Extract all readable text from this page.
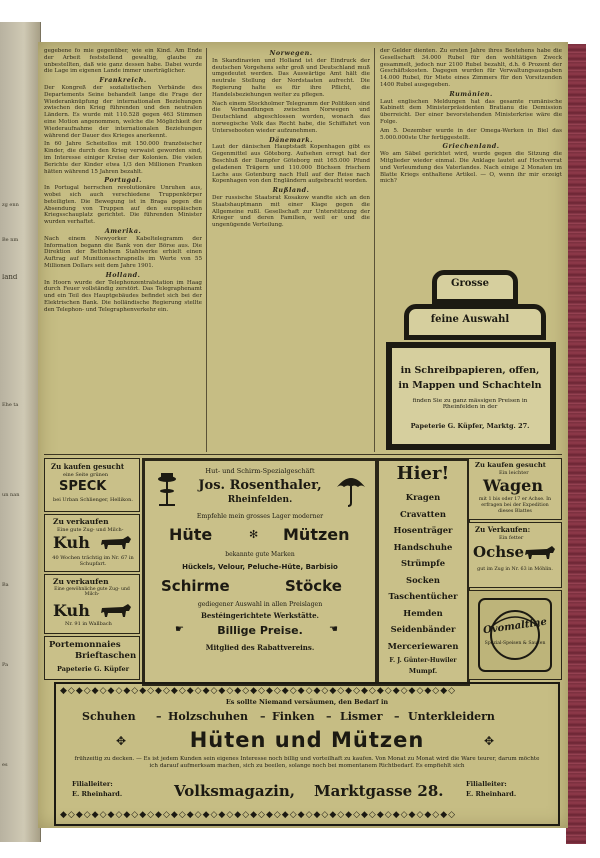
zg enn
Be nm
land
Ehe ta
un nan
Ba
Pa
es

gegebene fo mie gegenüber, wie ein Kind. Am Ende der Arbeit feststellend gewaltig, glaube zu unbestellten, daß wie ganz dessen habe. Dabei wurde die Lage im eigenen Lande immer unerträglicher.

Frankreich.

Der Kongreß der sozialistischen Verbände des Departements Seine behandelt lange die Frage der Wiederanknüpfung der internationalen Beziehungen zwischen den Krieg führenden und den neutralen Ländern. Es wurde mit 110.528 gegen 463 Stimmen eine Motion angenommen, welche die Möglichkeit der Wiederaufnahme der internationalen Beziehungen während der Dauer des Krieges anerkennt.

In 60 Jahre Scheitellos mit 150.000 französischer Kinder, die durch den Krieg verwaist geworden sind, im Interesse einiger Kreise der Kolonien. Die vielen Berichte der Kinder etwa 1/3 den Millionen Franken hätten während 15 Jahren bezahlt.

Portugal.

In Portugal herrschen revolutionäre Unruhen aus, wobei sich auch verschiedene Truppenkörper beteiligten. Die Bewegung ist in Braga gegen die Absendung von Truppen auf den europäischen Kriegsschauplatz gerichtet. Die führenden Minister wurden verhaftet.

Amerika.

Nach einem Newyorker Kabeltelegramm der Information begann die Bank von der Börse aus. Die Direktion der Bethlehem Stahlwerke erhielt einen Auftrag auf Munitionsschrapnells im Werte von 55 Millionen Dollars seit dem Jahre 1901.

Holland.

In Hoorn wurde der Telephonzentralstation im Haag durch Feuer vollständig zerstört. Das Telegraphenamt und ein Teil des Hauptgebäudes befindet sich bei der Elektrischen Bank. Die holländische Regierung stellte den Telephon- und Telegraphenverkehr ein.

Norwegen.

In Skandinavien und Holland ist der Eindruck der deutschen Vorgehens sehr groß und Deutschland muß umgedeutet werden. Das Auswärtige Amt hält die neutrale Stellung der Nordstaaten aufrecht. Die Regierung halte es für ihre Pflicht, die Handelsbeziehungen weiter zu pflegen.

Nach einem Stockholmer Telegramm der Politiken sind die Verhandlungen zwischen Norwegen und Deutschland abgeschlossen worden, wonach das norwegische Volk das Recht habe, die Schiffahrt von Untersebooten wieder aufzunehmen.

Dänemark.

Laut der dänischen Hauptstadt Kopenhagen gibt es Gegenmittel aus Göteborg. Aufsehen erregt hat der Beschluß der Dampfer Göteborg mit 165.000 Pfund geladenen Trägern und 110.000 Büchsen frischem Lachs aus Gotenburg nach Hull auf der Reise nach Kopenhagen von den Engländern aufgebracht worden.

Rußland.

Der russische Staatsrat Kosakow wandte sich an den Staatshauptmann mit einer Klage gegen die Allgemeine rußl. Gesellschaft zur Unterstützung der Krieger und deren Familien, weil er und die ungenügende Verteilung.

der Gelder dienten. Zu ersten Jahre ihres Bestehens habe die Gesellschaft 34.000 Rubel für den wohltätigen Zweck gesammelt, jedoch nur 2100 Rubel bezahlt, d.h. 6 Prozent der Geschäftskosten. Dagegen wurden für Verwaltungsausgaben 14.000 Rubel, für Miete eines Zimmers für den Vorsitzenden 1400 Rubel ausgegeben.

Rumänien.

Laut englischen Meldungen hat das gesamte rumänische Kabinett dem Ministerpräsidenten Bratianu die Demission überreicht. Der einer bevorstehenden Ministerkrise wäre die Folge.

Am 5. Dezember wurde in der Omega-Werken in Biel das 5.000.000ste Uhr fertiggestellt.

Griechenland.

Wo am Säbel gerichtet wird, wurde gegen die Sitzung die Mitglieder wieder einmal. Die Anklage lautet auf Hochverrat und Verleumdung des Vaterlandes. Nach einige 2 Monaten im Blatte Kriegs enthaltene Artikel. — O, wenn ihr mir erzeigt mich?

Grosse
feine Auswahl
in Schreibpapieren, offen,
in Mappen und Schachteln
finden Sie zu ganz mässigen Preisen in Rheinfelden in der
Papeterie G. Küpfer, Marktg. 27.
Zu kaufen gesucht
eine Seite grünen
SPECK
bei Urban Schlienger, Hellikon.
Zu verkaufen
Eine gute Zug- und Milch-
Kuh
40 Wochen trächtig im Nr. 67 in Schupfart.
Zu verkaufen
Eine gewöhnliche gute Zug- und Milch-
Kuh
Nr. 91 in Wallbach
Portemonnaies
Brieftaschen
Papeterie G. Küpfer
Hut- und Schirm-Spezialgeschäft
Jos. Rosenthaler,
Rheinfelden.
Empfehle mein grosses Lager moderner
Hüte	✻ Mützen
bekannte gute Marken
Hückels, Velour, Peluche-Hüte, Barbisio
Schirme	Stöcke
gediegener Auswahl in allen Preislagen
Bestéingerichtete Werkstätte.
☛	Billige Preise.	☚
Mitglied des Rabattvereins.
Hier!
Kragen
Cravatten
Hosenträger
Handschuhe
Strümpfe
Socken
Taschentücher
Hemden
Seidenbänder
Merceriewaren
F. J. Günter-Huwiler
Mumpf.
Zu kaufen gesucht
Ein leichter
Wagen
mit 1 bis oder 17 er Achse. In erfragen bei der Expedition dieses Blattes
Zu Verkaufen:
Ein fetter
Ochse
gut im Zug in Nr. 63 in Möhlin.
Ovomaltine
Spezial-Speisen & Saucen
◆◇◆◇◆◇◆◇◆◇◆◇◆◇◆◇◆◇◆◇◆◇◆◇◆◇◆◇◆◇◆◇◆◇◆◇◆◇◆◇◆◇◆◇◆◇◆◇◆◇
◆◇◆◇◆◇◆◇◆◇◆◇◆◇◆◇◆◇◆◇◆◇◆◇◆◇◆◇◆◇◆◇◆◇◆◇◆◇◆◇◆◇◆◇◆◇◆◇◆◇
Es sollte Niemand versäumen, den Bedarf in
Schuhen – Holzschuhen – Finken – Lismer – Unterkleidern
✥	Hüten und Mützen	✥
frühzeitig zu decken. — Es ist jedem Kunden sein eigenes Interesse noch billig und vorteilhaft zu kaufen. Von Monat zu Monat wird die Ware teurer, darum möchte ich darauf aufmerksam machen, sich zu beeilen, solange noch bei momentanem Richtbedarf. Es empfiehlt sich
Filialleiter:
E. Rheinhard.	Volksmagazin, Marktgasse 28.	Filialleiter:
E. Rheinhard.
